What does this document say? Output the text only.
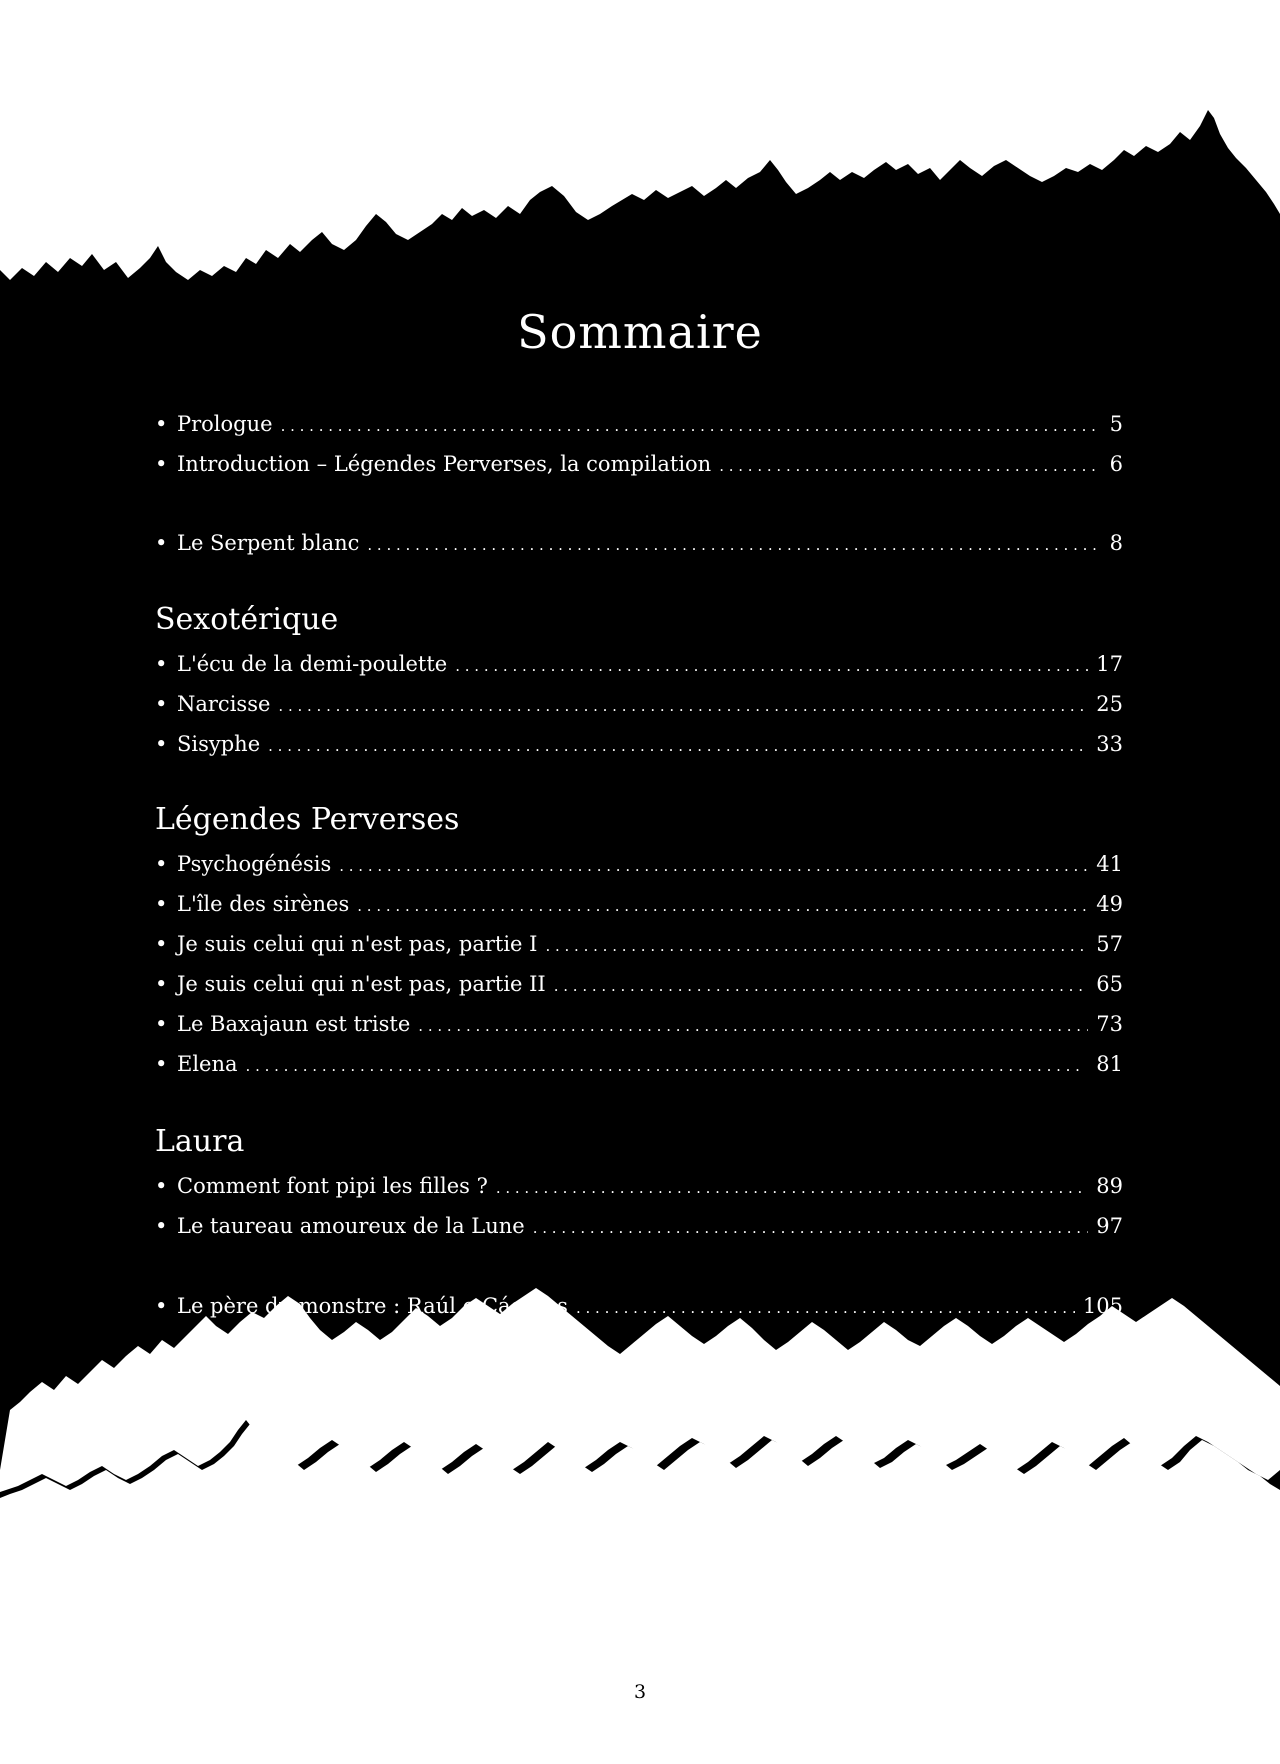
Sommaire
• Prologue . . .	5
• Introduction – Légendes Perverses, la compilation . . .	6
• Le Serpent blanc . . .	8
Sexotérique
• L'écu de la demi-poulette . . .	17
• Narcisse . . .	25
• Sisyphe . . .	33
Légendes Perverses
• Psychogénésis . . .	41
• L'île des sirènes . . .	49
• Je suis celui qui n'est pas, partie I . . .	57
• Je suis celui qui n'est pas, partie II . . .	65
• Le Baxajaun est triste . . .	73
• Elena . . .	81
Laura
• Comment font pipi les filles ? . . .	89
• Le taureau amoureux de la Lune . . .	97
• Le père du monstre : Raúl o Cáceres . . .	105
3
